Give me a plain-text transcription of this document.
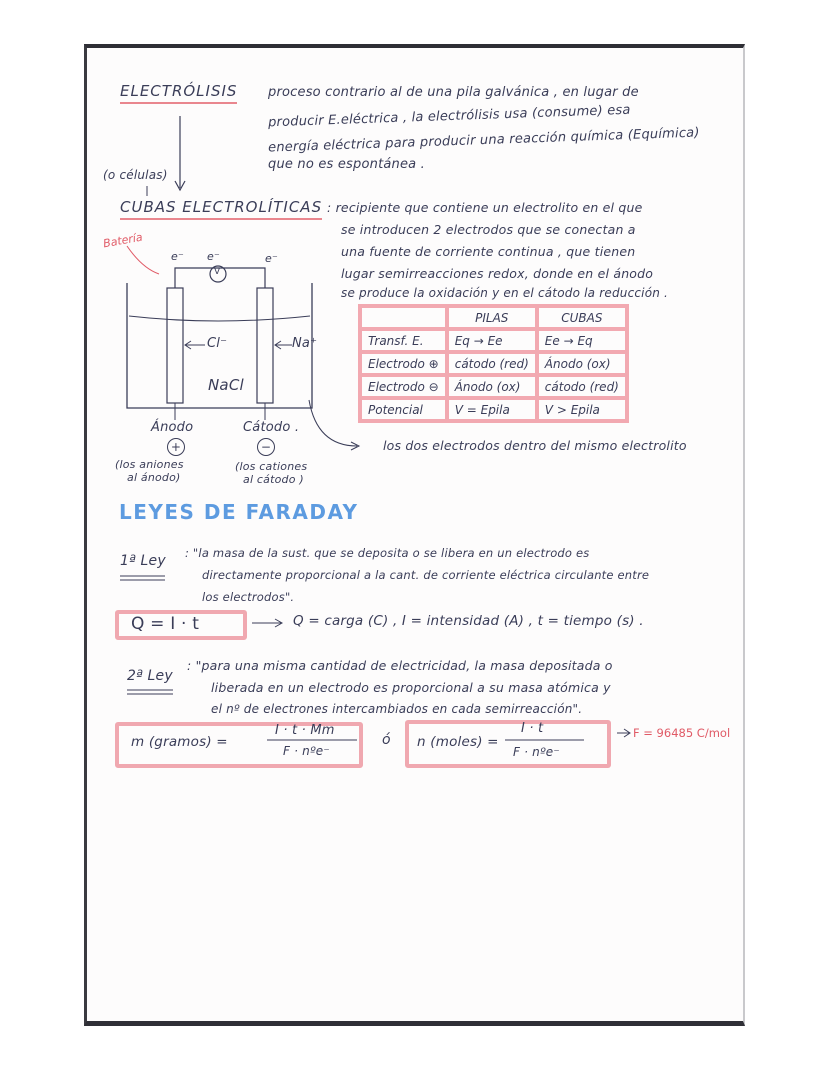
ELECTRÓLISIS proceso contrario al de una pila galvánica , en lugar de
producir E.eléctrica , la electrólisis usa (consume) esa
energía eléctrica para producir una reacción química (Equímica)
que no es espontánea .
(o células)
CUBAS ELECTROLÍTICAS : recipiente que contiene un electrolito en el que
se introducen 2 electrodos que se conectan a
una fuente de corriente continua , que tienen
lugar semirreacciones redox, donde en el ánodo
se produce la oxidación y en el cátodo la reducción .
Batería
e⁻ e⁻	e⁻
V
Cl⁻	Na⁺
NaCl
Ánodo
+
(los aniones
al ánodo)
Cátodo .
−
(los cationes
al cátodo )
	PILAS	CUBAS
Transf. E.	Eq → Ee	Ee → Eq
Electrodo ⊕	cátodo (red)	Ánodo (ox)
Electrodo ⊖	Ánodo (ox)	cátodo (red)
Potencial	V = Epila	V > Epila
los dos electrodos dentro del mismo electrolito
LEYES DE FARADAY
1ª Ley : "la masa de la sust. que se deposita o se libera en un electrodo es
directamente proporcional a la cant. de corriente eléctrica circulante entre
los electrodos".
Q = I · t	Q = carga (C) , I = intensidad (A) , t = tiempo (s) .
2ª Ley
: "para una misma cantidad de electricidad, la masa depositada o
liberada en un electrodo es proporcional a su masa atómica y
el nº de electrones intercambiados en cada semirreacción".
m (gramos) =
I · t · Mm
F · nºe⁻
ó n (moles) =
I · t
F · nºe⁻
F = 96485 C/mol
